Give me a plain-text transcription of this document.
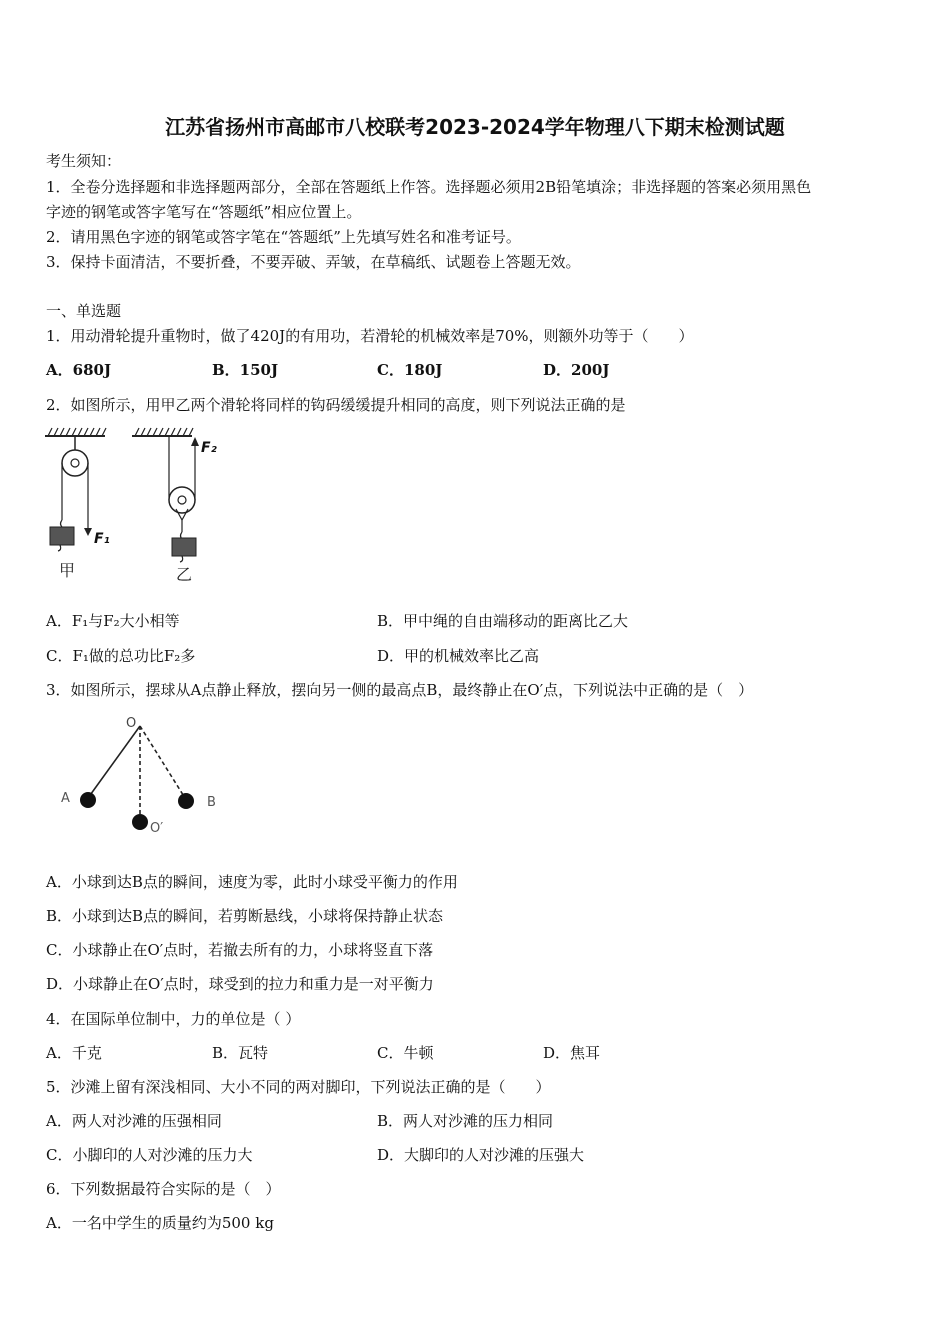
江苏省扬州市高邮市八校联考2023-2024学年物理八下期末检测试题
考生须知：
1．全卷分选择题和非选择题两部分，全部在答题纸上作答。选择题必须用2B铅笔填涂；非选择题的答案必须用黑色
字迹的钢笔或答字笔写在“答题纸”相应位置上。
2．请用黑色字迹的钢笔或答字笔在“答题纸”上先填写姓名和准考证号。
3．保持卡面清洁，不要折叠，不要弄破、弄皱，在草稿纸、试题卷上答题无效。
一、单选题
1．用动滑轮提升重物时，做了420J的有用功，若滑轮的机械效率是70%，则额外功等于（　　）
A．680J	B．150J	C．180J	D．200J
2．如图所示，用甲乙两个滑轮将同样的钩码缓缓提升相同的高度，则下列说法正确的是
F₁
甲
F₂
乙
A．F₁与F₂大小相等	B．甲中绳的自由端移动的距离比乙大
C．F₁做的总功比F₂多	D．甲的机械效率比乙高
3．如图所示，摆球从A点静止释放，摆向另一侧的最高点B，最终静止在O′点，下列说法中正确的是（　）
O
A	B
O′
A．小球到达B点的瞬间，速度为零，此时小球受平衡力的作用
B．小球到达B点的瞬间，若剪断悬线，小球将保持静止状态
C．小球静止在O′点时，若撤去所有的力，小球将竖直下落
D．小球静止在O′点时，球受到的拉力和重力是一对平衡力
4．在国际单位制中，力的单位是（ ）
A．千克	B．瓦特	C．牛顿	D．焦耳
5．沙滩上留有深浅相同、大小不同的两对脚印，下列说法正确的是（　　）
A．两人对沙滩的压强相同	B．两人对沙滩的压力相同
C．小脚印的人对沙滩的压力大	D．大脚印的人对沙滩的压强大
6．下列数据最符合实际的是（　）
A．一名中学生的质量约为500 kg
